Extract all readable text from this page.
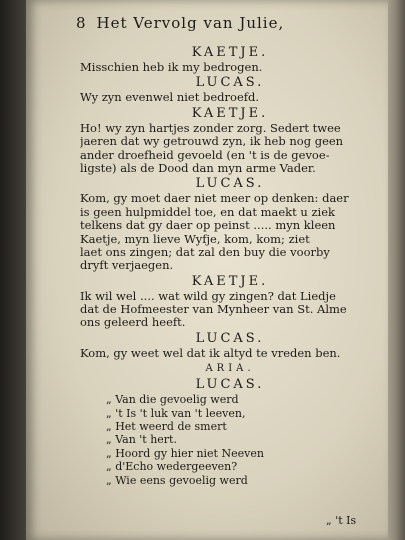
8 Het Vervolg van Julie,
KAETJE.
Misschien heb ik my bedrogen.
LUCAS.
Wy zyn evenwel niet bedroefd.
KAETJE.
Ho! wy zyn hartjes zonder zorg. Sedert twee
jaeren dat wy getrouwd zyn, ik heb nog geen
ander droefheid gevoeld (en 't is de gevoe-
ligste) als de Dood dan myn arme Vader.
LUCAS.
Kom, gy moet daer niet meer op denken: daer
is geen hulpmiddel toe, en dat maekt u ziek
telkens dat gy daer op peinst ..... myn kleen
Kaetje, myn lieve Wyfje, kom, kom; ziet
laet ons zingen; dat zal den buy die voorby
dryft verjaegen.
KAETJE.
Ik wil wel .... wat wild gy zingen? dat Liedje
dat de Hofmeester van Mynheer van St. Alme
ons geleerd heeft.
LUCAS.
Kom, gy weet wel dat ik altyd te vreden ben.
ARIA.
LUCAS.
„ Van die gevoelig werd
„ 't Is 't luk van 't leeven,
„ Het weerd de smert
„ Van 't hert.
„ Hoord gy hier niet Neeven
„ d'Echo wedergeeven?
„ Wie eens gevoelig werd
„ 't Is
